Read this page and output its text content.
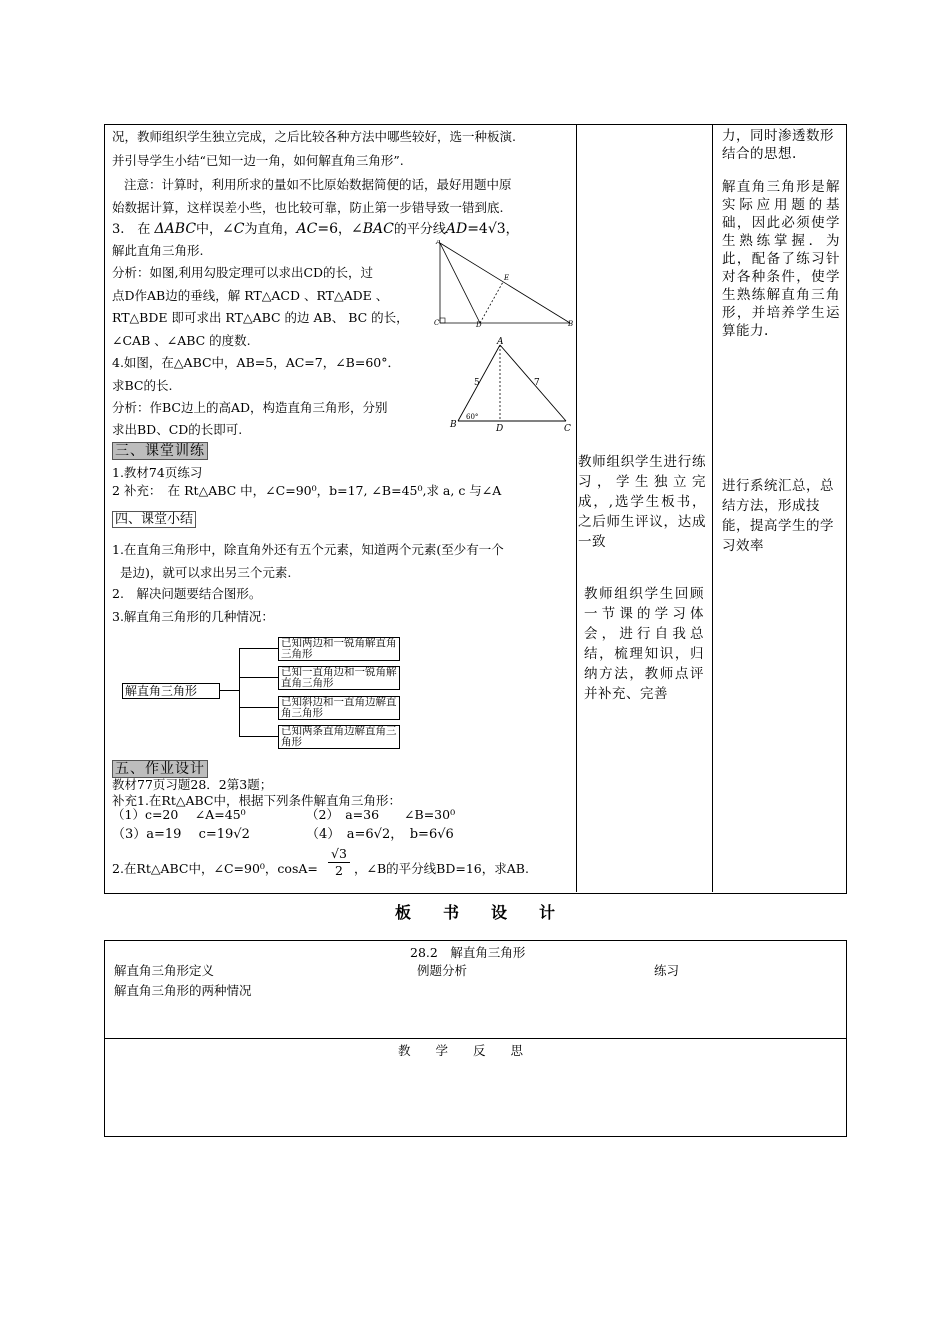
况，教师组织学生独立完成，之后比较各种方法中哪些较好，选一种板演.
并引导学生小结“已知一边一角，如何解直角三角形”.
注意：计算时，利用所求的量如不比原始数据简便的话，最好用题中原
始数据计算，这样误差小些，也比较可靠，防止第一步错导致一错到底.
3.　在 ΔABC中，∠C为直角，AC=6，∠BAC的平分线AD=4√3，
解此直角三角形.
分析：如图,利用勾股定理可以求出CD的长，过
点D作AB边的垂线，解 RT△ACD 、RT△ADE 、
RT△BDE 即可求出 RT△ABC 的边 AB、 BC 的长，
∠CAB 、∠ABC 的度数.
A
E
C	D	B
4.如图，在△ABC中，AB=5，AC=7，∠B=60°．
求BC的长.
分析：作BC边上的高AD，构造直角三角形，分别
求出BD、CD的长即可.
A
B	C
D
5	7
60°
三、课堂训练
1.教材74页练习
2 补充：　在 Rt△ABC 中，∠C=90⁰，b=17, ∠B=45⁰,求 a, c 与∠A
四、课堂小结
1.在直角三角形中，除直角外还有五个元素，知道两个元素(至少有一个
是边)，就可以求出另三个元素.
2.　解决问题要结合图形。
3.解直角三角形的几种情况：
解直角三角形
已知两边和一锐角解直角三角形
已知一直角边和一锐角解直角三角形
已知斜边和一直角边解直角三角形
已知两条直角边解直角三角形
五、作业设计
教材77页习题28．2第3题；
补充1.在Rt△ABC中，根据下列条件解直角三角形：
（1）c=20　 ∠A=45⁰	（2）　a=36　　∠B=30⁰
（3）a=19　 c=19√2	（4）　a=6√2，　b=6√6
2.在Rt△ABC中，∠C=90⁰，$\cos A= \frac{√3}{2}$ ，∠B的平分线BD=16，求AB.
教师组织学生进行练习，学生独立完成，,选学生板书，之后师生评议，达成一致
教师组织学生回顾一节课的学习体会，进行自我总结，梳理知识，归纳方法，教师点评并补充、完善
力，同时渗透数形结合的思想.
解直角三角形是解实际应用题的基础，因此必须使学生熟练掌握．为此，配备了练习针对各种条件，使学生熟练解直角三角形，并培养学生运算能力.
进行系统汇总，总结方法，形成技能，提高学生的学习效率
板　　书　　设　　计
28.2　解直角三角形
解直角三角形定义	例题分析	练习
解直角三角形的两种情况
教　　学　　反　　思
